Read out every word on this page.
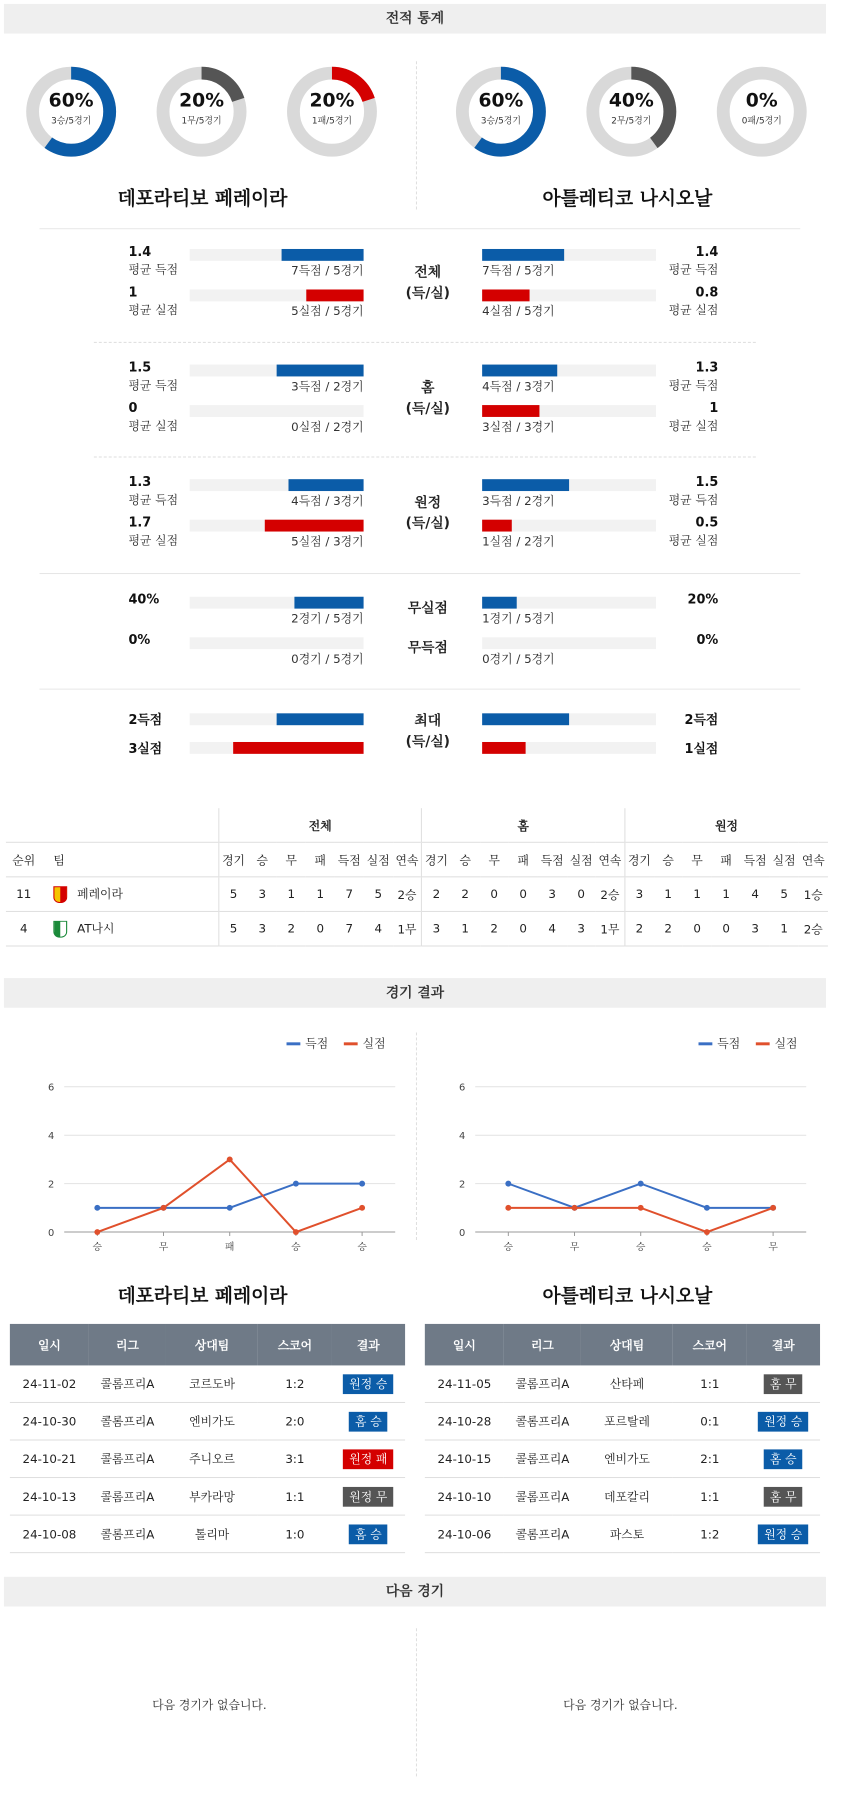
전적 통계
60%
3승/5경기
20%
1무/5경기
20%
1패/5경기
60%
3승/5경기
40%
2무/5경기
0%
0패/5경기
데포라티보 페레이라	아틀레티코 나시오날
1.4
평균 득점	7득점 / 5경기
1
평균 실점	5실점 / 5경기
1.4
평균 득점
7득점 / 5경기
0.8
평균 실점
4실점 / 5경기
전체
(득/실)
1.5
평균 득점	3득점 / 2경기
0
평균 실점	0실점 / 2경기
1.3
평균 득점
4득점 / 3경기
1
평균 실점
3실점 / 3경기
홈
(득/실)
1.3
평균 득점	4득점 / 3경기
1.7
평균 실점	5실점 / 3경기
1.5
평균 득점
3득점 / 2경기
0.5
평균 실점
1실점 / 2경기
원정
(득/실)
40%
2경기 / 5경기
0%
0경기 / 5경기
20%
1경기 / 5경기
0%
0경기 / 5경기
무실점
무득점
2득점
3실점
2득점
1실점
최대
(득/실)
		전체							홈							원정						
순위	팀	경기	승	무	패	득점	실점	연속	경기	승	무	패	득점	실점	연속	경기	승	무	패	득점	실점	연속
11	페레이라	5	3	1	1	7	5	2승	2	2	0	0	3	0	2승	3	1	1	1	4	5	1승
4	AT나시	5	3	2	0	7	4	1무	3	1	2	0	4	3	1무	2	2	0	0	3	1	2승
경기 결과
득점	실점	득점	실점
0
2
4
6
승	무	패	승	승
0
2
4
6
승	무	승	승	무
데포라티보 페레이라	아틀레티코 나시오날
일시	리그	상대팀	스코어	결과
24-11-02	콜롬프리A	코르도바	1:2	원정 승
24-10-30	콜롬프리A	엔비가도	2:0	홈 승
24-10-21	콜롬프리A	주니오르	3:1	원정 패
24-10-13	콜롬프리A	부카라망	1:1	원정 무
24-10-08	콜롬프리A	톨리마	1:0	홈 승
일시	리그	상대팀	스코어	결과
24-11-05	콜롬프리A	산타페	1:1	홈 무
24-10-28	콜롬프리A	포르탈레	0:1	원정 승
24-10-15	콜롬프리A	엔비가도	2:1	홈 승
24-10-10	콜롬프리A	데포칼리	1:1	홈 무
24-10-06	콜롬프리A	파스토	1:2	원정 승
다음 경기
다음 경기가 없습니다.	다음 경기가 없습니다.
